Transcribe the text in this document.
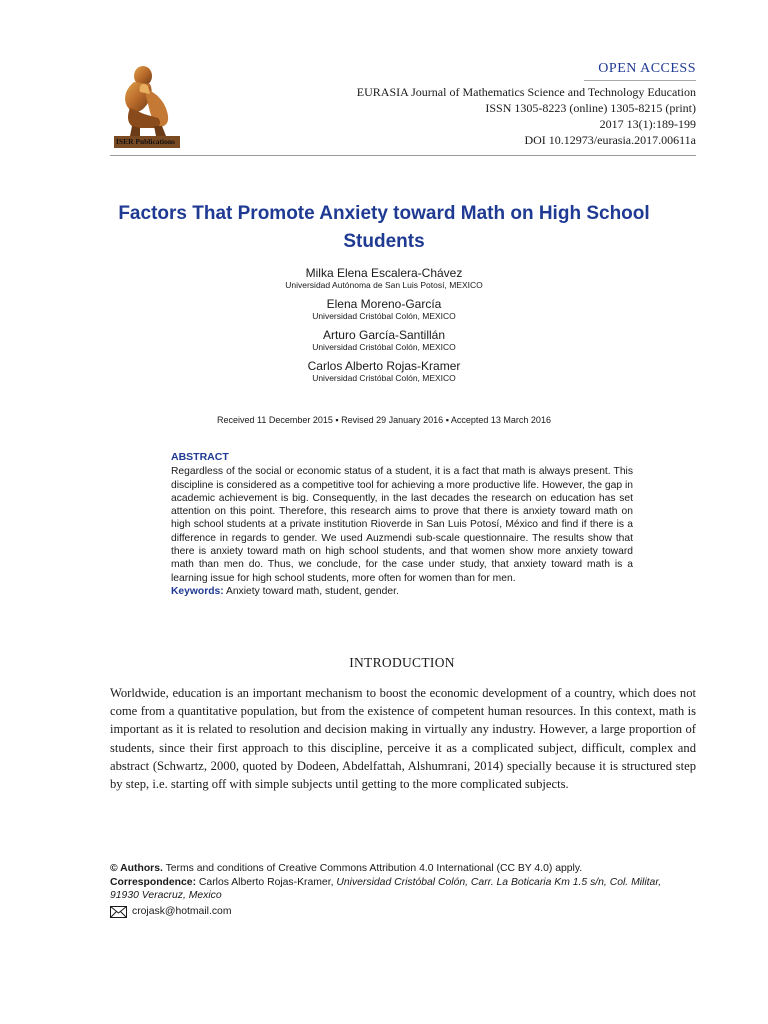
ISER Publications
OPEN ACCESS
EURASIA Journal of Mathematics Science and Technology Education
ISSN 1305-8223 (online) 1305-8215 (print)
2017 13(1):189-199
DOI 10.12973/eurasia.2017.00611a
Factors That Promote Anxiety toward Math on High School Students
Milka Elena Escalera-Chávez
Universidad Autónoma de San Luis Potosí, MEXICO
Elena Moreno-García
Universidad Cristóbal Colón, MEXICO
Arturo García-Santillán
Universidad Cristóbal Colón, MEXICO
Carlos Alberto Rojas-Kramer
Universidad Cristóbal Colón, MEXICO
Received 11 December 2015 ▪ Revised 29 January 2016 ▪ Accepted 13 March 2016
ABSTRACT
Regardless of the social or economic status of a student, it is a fact that math is always present. This discipline is considered as a competitive tool for achieving a more productive life. However, the gap in academic achievement is big. Consequently, in the last decades the research on education has set attention on this point. Therefore, this research aims to prove that there is anxiety toward math on high school students at a private institution Rioverde in San Luis Potosí, México and find if there is a difference in regards to gender. We used Auzmendi sub-scale questionnaire. The results show that there is anxiety toward math on high school students, and that women show more anxiety toward math than men do. Thus, we conclude, for the case under study, that anxiety toward math is a learning issue for high school students, more often for women than for men.
Keywords: Anxiety toward math, student, gender.
INTRODUCTION
Worldwide, education is an important mechanism to boost the economic development of a country, which does not come from a quantitative population, but from the existence of competent human resources. In this context, math is important as it is related to resolution and decision making in virtually any industry. However, a large proportion of students, since their first approach to this discipline, perceive it as a complicated subject, difficult, complex and abstract (Schwartz, 2000, quoted by Dodeen, Abdelfattah, Alshumrani, 2014) specially because it is structured step by step, i.e. starting off with simple subjects until getting to the more complicated subjects.
© Authors. Terms and conditions of Creative Commons Attribution 4.0 International (CC BY 4.0) apply.
Correspondence: Carlos Alberto Rojas-Kramer, Universidad Cristóbal Colón, Carr. La Boticaria Km 1.5 s/n, Col. Militar, 91930 Veracruz, Mexico
crojask@hotmail.com
